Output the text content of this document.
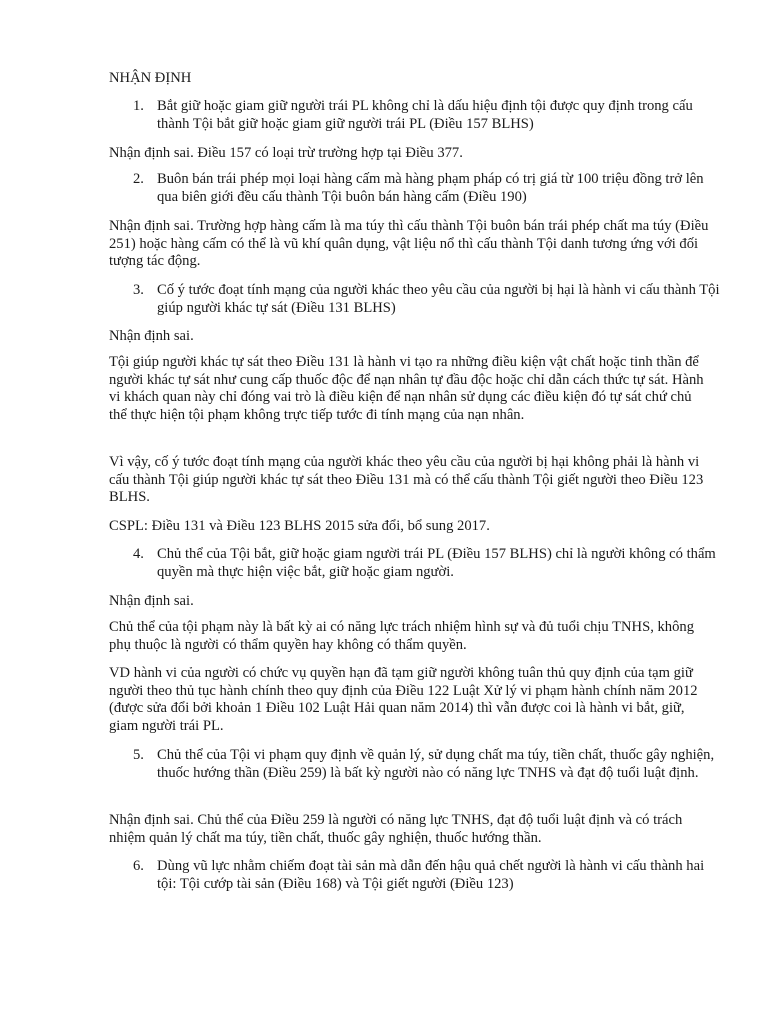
NHẬN ĐỊNH

1. Bắt giữ hoặc giam giữ người trái PL không chỉ là dấu hiệu định tội được quy định trong cấu thành Tội bắt giữ hoặc giam giữ người trái PL (Điều 157 BLHS)

Nhận định sai. Điều 157 có loại trừ trường hợp tại Điều 377.

2. Buôn bán trái phép mọi loại hàng cấm mà hàng phạm pháp có trị giá từ 100 triệu đồng trở lên qua biên giới đều cấu thành Tội buôn bán hàng cấm (Điều 190)

Nhận định sai. Trường hợp hàng cấm là ma túy thì cấu thành Tội buôn bán trái phép chất ma túy (Điều 251) hoặc hàng cấm có thể là vũ khí quân dụng, vật liệu nổ thì cấu thành Tội danh tương ứng với đối tượng tác động.

3. Cố ý tước đoạt tính mạng của người khác theo yêu cầu của người bị hại là hành vi cấu thành Tội giúp người khác tự sát (Điều 131 BLHS)

Nhận định sai.

Tội giúp người khác tự sát theo Điều 131 là hành vi tạo ra những điều kiện vật chất hoặc tinh thần để người khác tự sát như cung cấp thuốc độc để nạn nhân tự đầu độc hoặc chỉ dẫn cách thức tự sát. Hành vi khách quan này chỉ đóng vai trò là điều kiện để nạn nhân sử dụng các điều kiện đó tự sát chứ chủ thể thực hiện tội phạm không trực tiếp tước đi tính mạng của nạn nhân.

Vì vậy, cố ý tước đoạt tính mạng của người khác theo yêu cầu của người bị hại không phải là hành vi cấu thành Tội giúp người khác tự sát theo Điều 131 mà có thể cấu thành Tội giết người theo Điều 123 BLHS.

CSPL: Điều 131 và Điều 123 BLHS 2015 sửa đổi, bổ sung 2017.

4. Chủ thể của Tội bắt, giữ hoặc giam người trái PL (Điều 157 BLHS) chỉ là người không có thẩm quyền mà thực hiện việc bắt, giữ hoặc giam người.

Nhận định sai.

Chủ thể của tội phạm này là bất kỳ ai có năng lực trách nhiệm hình sự và đủ tuổi chịu TNHS, không phụ thuộc là người có thẩm quyền hay không có thẩm quyền.

VD hành vi của người có chức vụ quyền hạn đã tạm giữ người không tuân thủ quy định của tạm giữ người theo thủ tục hành chính theo quy định của Điều 122 Luật Xử lý vi phạm hành chính năm 2012 (được sửa đổi bởi khoản 1 Điều 102 Luật Hải quan năm 2014) thì vẫn được coi là hành vi bắt, giữ, giam người trái PL.

5. Chủ thể của Tội vi phạm quy định về quản lý, sử dụng chất ma túy, tiền chất, thuốc gây nghiện, thuốc hướng thần (Điều 259) là bất kỳ người nào có năng lực TNHS và đạt độ tuổi luật định.

Nhận định sai. Chủ thể của Điều 259 là người có năng lực TNHS, đạt độ tuổi luật định và có trách nhiệm quản lý chất ma túy, tiền chất, thuốc gây nghiện, thuốc hướng thần.

6. Dùng vũ lực nhằm chiếm đoạt tài sản mà dẫn đến hậu quả chết người là hành vi cấu thành hai tội: Tội cướp tài sản (Điều 168) và Tội giết người (Điều 123)
